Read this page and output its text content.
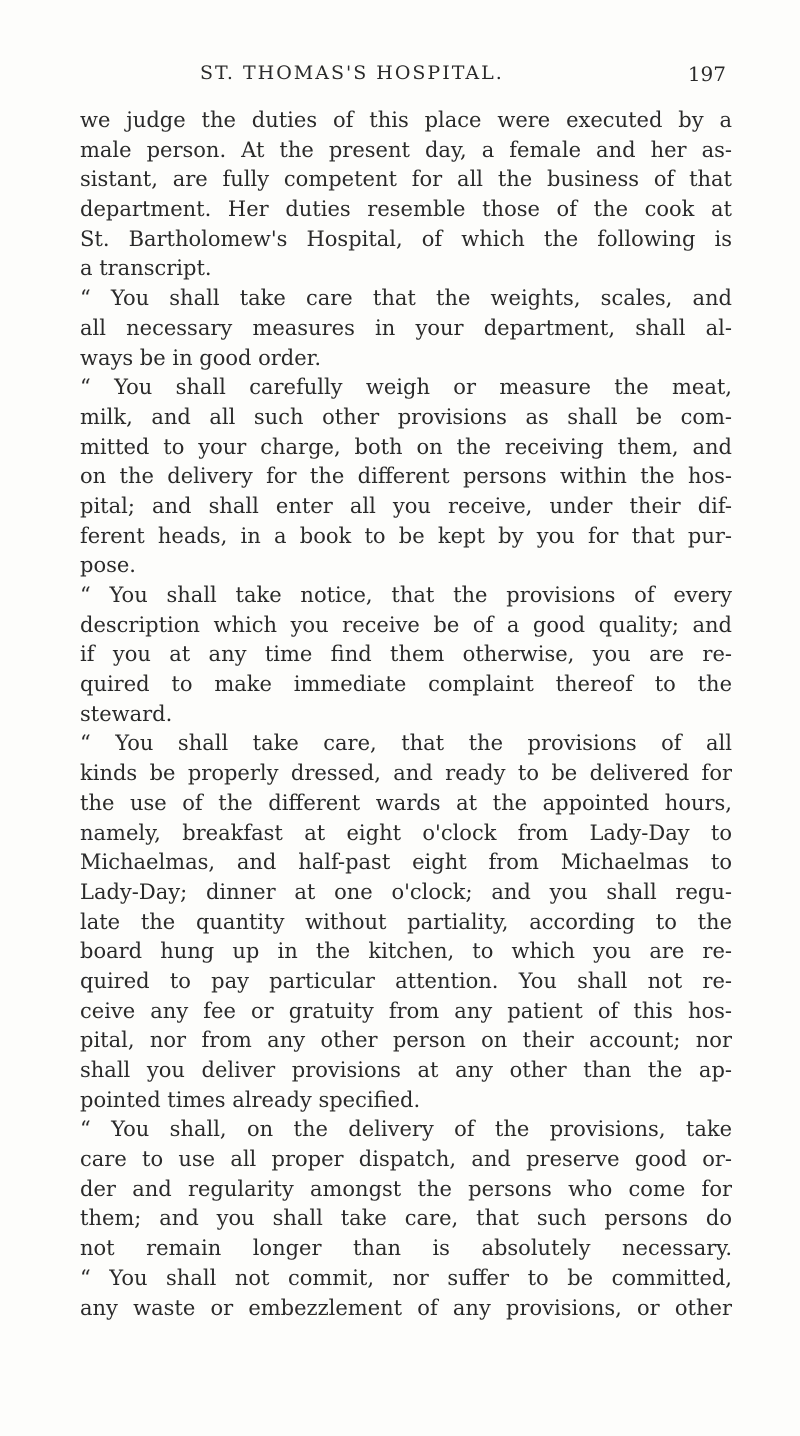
ST. THOMAS'S HOSPITAL.	197
we judge the duties of this place were executed by a
male person. At the present day, a female and her as-
sistant, are fully competent for all the business of that
department. Her duties resemble those of the cook at
St. Bartholomew's Hospital, of which the following is
a transcript.
“ You shall take care that the weights, scales, and
all necessary measures in your department, shall al-
ways be in good order.
“ You shall carefully weigh or measure the meat,
milk, and all such other provisions as shall be com-
mitted to your charge, both on the receiving them, and
on the delivery for the different persons within the hos-
pital; and shall enter all you receive, under their dif-
ferent heads, in a book to be kept by you for that pur-
pose.
“ You shall take notice, that the provisions of every
description which you receive be of a good quality; and
if you at any time find them otherwise, you are re-
quired to make immediate complaint thereof to the
steward.
“ You shall take care, that the provisions of all
kinds be properly dressed, and ready to be delivered for
the use of the different wards at the appointed hours,
namely, breakfast at eight o'clock from Lady-Day to
Michaelmas, and half-past eight from Michaelmas to
Lady-Day; dinner at one o'clock; and you shall regu-
late the quantity without partiality, according to the
board hung up in the kitchen, to which you are re-
quired to pay particular attention. You shall not re-
ceive any fee or gratuity from any patient of this hos-
pital, nor from any other person on their account; nor
shall you deliver provisions at any other than the ap-
pointed times already specified.
“ You shall, on the delivery of the provisions, take
care to use all proper dispatch, and preserve good or-
der and regularity amongst the persons who come for
them; and you shall take care, that such persons do
not remain longer than is absolutely necessary.
“ You shall not commit, nor suffer to be committed,
any waste or embezzlement of any provisions, or other
